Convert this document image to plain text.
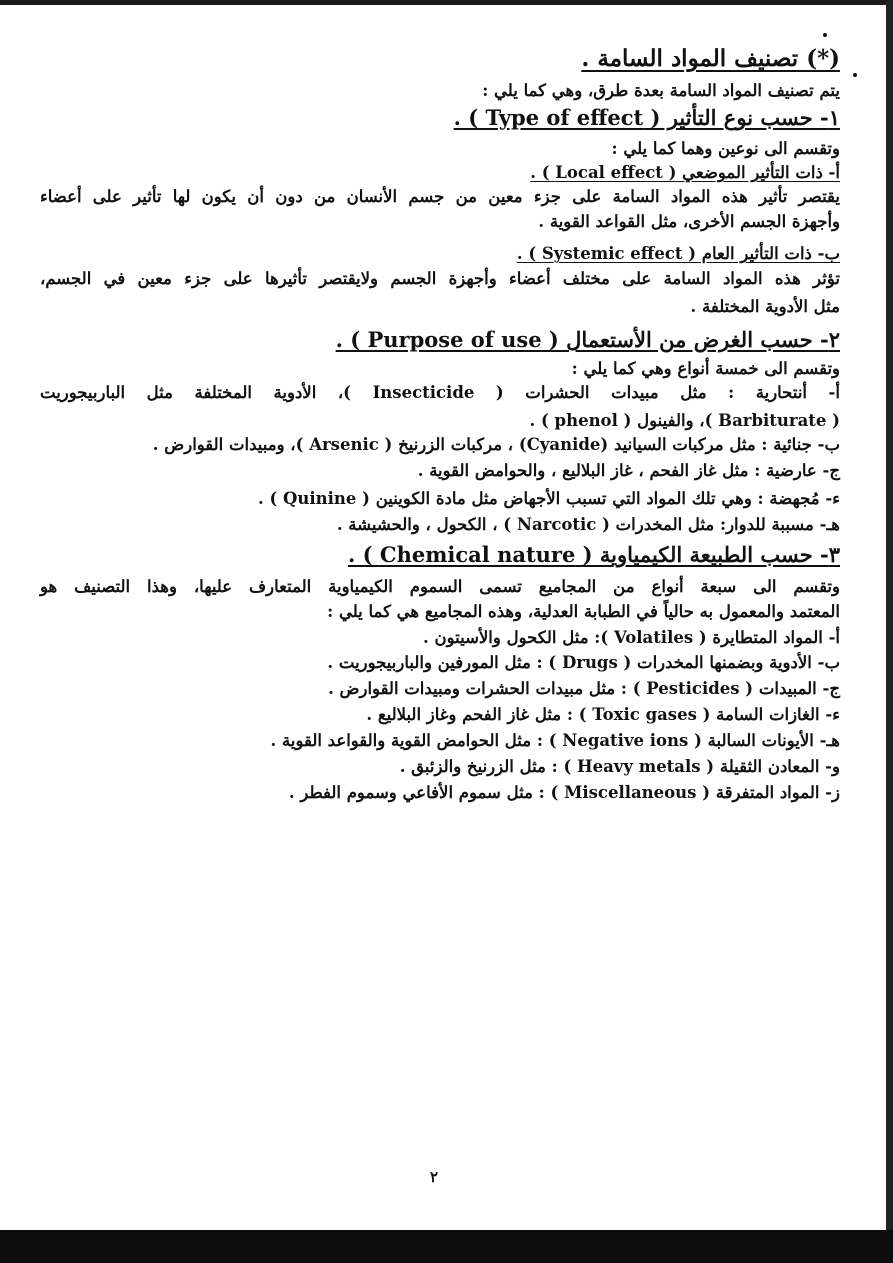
(*) تصنيف المواد السامة .
يتم تصنيف المواد السامة بعدة طرق، وهي كما يلي :
١- حسب نوع التأثير ( Type of effect ) .
وتقسم الى نوعين وهما كما يلي :
أ- ذات التأثير الموضعي ( Local effect ) .
يقتصر تأثير هذه المواد السامة على جزء معين من جسم الأنسان من دون أن يكون لها تأثير على أعضاء
وأجهزة الجسم الأخرى، مثل القواعد القوية .
ب- ذات التأثير العام ( Systemic effect ) .
تؤثر هذه المواد السامة على مختلف أعضاء وأجهزة الجسم ولايقتصر تأثيرها على جزء معين في الجسم،
مثل الأدوية المختلفة .
٢- حسب الغرض من الأستعمال ( Purpose of use ) .
وتقسم الى خمسة أنواع وهي كما يلي :
أ- أنتحارية : مثل مبيدات الحشرات ( Insecticide )، الأدوية المختلفة مثل الباربيجوريت
( Barbiturate )، والفينول ( phenol ) .
ب- جنائية : مثل مركبات السيانيد (Cyanide) ، مركبات الزرنيخ ( Arsenic )، ومبيدات القوارض .
ج- عارضية : مثل غاز الفحم ، غاز البلاليع ، والحوامض القوية .
ء- مُجهضة : وهي تلك المواد التي تسبب الأجهاض مثل مادة الكوينين ( Quinine ) .
هـ- مسببة للدوار: مثل المخدرات ( Narcotic ) ، الكحول ، والحشيشة .
٣- حسب الطبيعة الكيمياوية ( Chemical nature ) .
وتقسم الى سبعة أنواع من المجاميع تسمى السموم الكيمياوية المتعارف عليها، وهذا التصنيف هو
المعتمد والمعمول به حالياً في الطبابة العدلية، وهذه المجاميع هي كما يلي :
أ- المواد المتطايرة ( Volatiles ): مثل الكحول والأسيتون .
ب- الأدوية وبضمنها المخدرات ( Drugs ) : مثل المورفين والباربيجوريت .
ج- المبيدات ( Pesticides ) : مثل مبيدات الحشرات ومبيدات القوارض .
ء- الغازات السامة ( Toxic gases ) : مثل غاز الفحم وغاز البلاليع .
هـ- الأيونات السالبة ( Negative ions ) : مثل الحوامض القوية والقواعد القوية .
و- المعادن الثقيلة ( Heavy metals ) : مثل الزرنيخ والزئبق .
ز- المواد المتفرقة ( Miscellaneous ) : مثل سموم الأفاعي وسموم الفطر .
٢
